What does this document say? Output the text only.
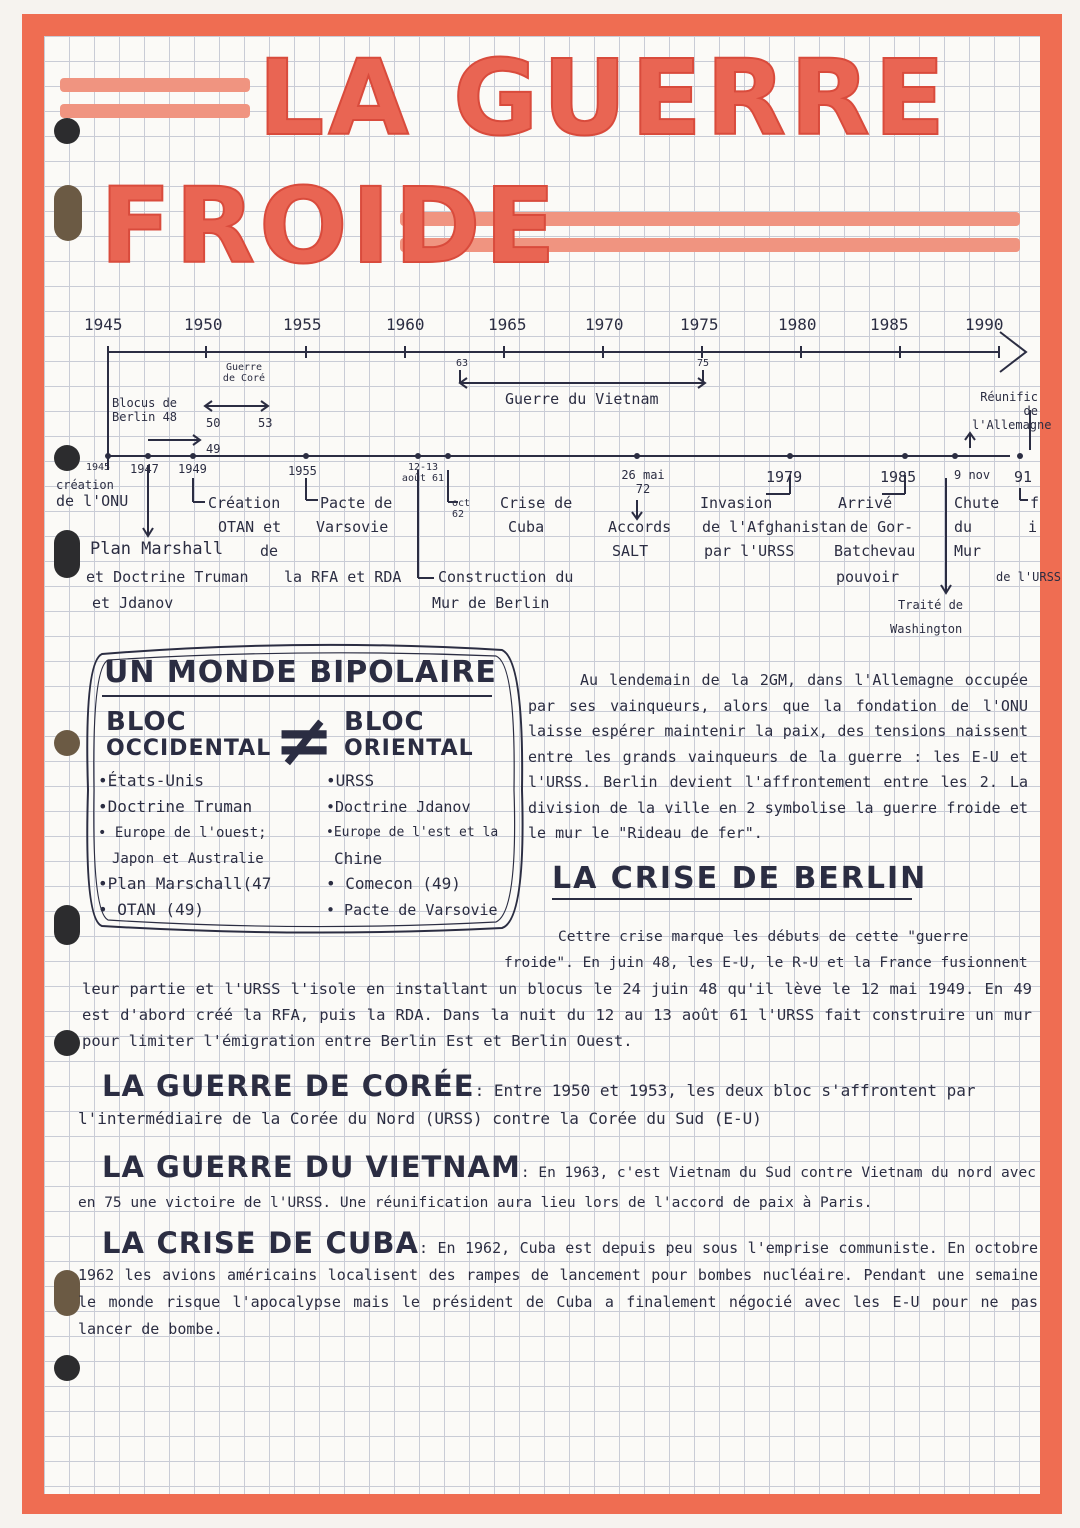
LA GUERRE
FROIDE
1945	1950	1955	1960	1965	1970	1975	1980	1985	1990
Guerre de Coré
50	53
Blocus de Berlin 48
49
63	75
Guerre du Vietnam	Réunific de l'Allemagne
1945
création
de l'ONU
1947
Plan Marshall
et Doctrine Truman
et Jdanov
1949
Création
OTAN et
de
la RFA et RDA
1955
Pacte de
Varsovie
12-13 août 61
Construction du
Mur de Berlin
oct 62
Crise de
Cuba
26 mai 72
Accords
SALT
1979
Invasion
de l'Afghanistan
par l'URSS
1985
Arrivé
de Gor-
Batchevau
pouvoir
9 nov
Chute
du
Mur
Traité de
Washington
91
f
i
de l'URSS
UN MONDE BIPOLAIRE
BLOC
OCCIDENTAL ≠ BLOC
ORIENTAL
•États-Unis
•Doctrine Truman
• Europe de l'ouest;
Japon et Australie
•Plan Marschall(47
• OTAN (49)
•URSS
•Doctrine Jdanov
•Europe de l'est et la
Chine
• Comecon (49)
• Pacte de Varsovie
Au lendemain de la 2GM, dans l'Allemagne occupée par ses vainqueurs, alors que la fondation de l'ONU laisse espérer maintenir la paix, des tensions naissent entre les grands vainqueurs de la guerre : les E-U et l'URSS. Berlin devient l'affrontement entre les 2. La division de la ville en 2 symbolise la guerre froide et le mur le "Rideau de fer".
LA CRISE DE BERLIN
Cettre crise marque les débuts de cette "guerre froide". En juin 48, les E-U, le R-U et la France fusionnent
leur partie et l'URSS l'isole en installant un blocus le 24 juin 48 qu'il lève le 12 mai 1949. En 49 est d'abord créé la RFA, puis la RDA. Dans la nuit du 12 au 13 août 61 l'URSS fait construire un mur pour limiter l'émigration entre Berlin Est et Berlin Ouest.
LA GUERRE DE CORÉE: Entre 1950 et 1953, les deux bloc s'affrontent par l'intermédiaire de la Corée du Nord (URSS) contre la Corée du Sud (E-U)
LA GUERRE DU VIETNAM: En 1963, c'est Vietnam du Sud contre Vietnam du nord avec en 75 une victoire de l'URSS. Une réunification aura lieu lors de l'accord de paix à Paris.
LA CRISE DE CUBA: En 1962, Cuba est depuis peu sous l'emprise communiste. En octobre 1962 les avions américains localisent des rampes de lancement pour bombes nucléaire. Pendant une semaine le monde risque l'apocalypse mais le président de Cuba a finalement négocié avec les E-U pour ne pas lancer de bombe.
